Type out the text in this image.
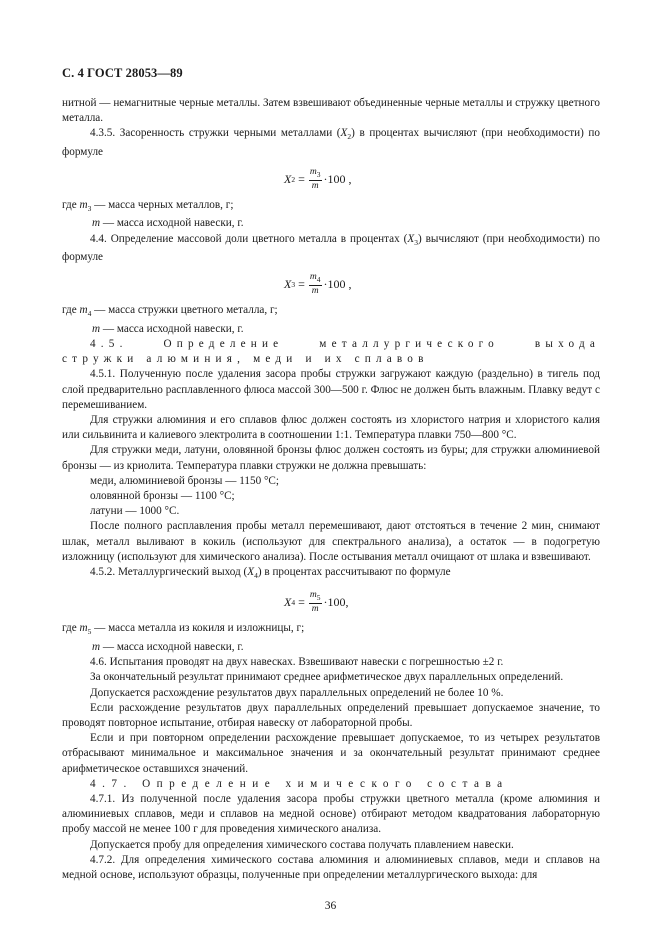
С. 4 ГОСТ 28053—89

нитной — немагнитные черные металлы. Затем взвешивают объединенные черные металлы и стружку цветного металла.

4.3.5. Засоренность стружки черными металлами $(X_2)$ в процентах вычисляют (при необходимости) по формуле

X $2 = \frac{m_3}{m} \cdot 100$ ,

где $m_3$ — масса черных металлов, г;

m — масса исходной навески, г.

4.4. Определение массовой доли цветного металла в процентах $(X_3)$ вычисляют (при необходимости) по формуле

X $3 = \frac{m_4}{m} \cdot 100$ ,

где $m_4$ — масса стружки цветного металла, г;

m — масса исходной навески, г.

4.5. Определение металлургического выхода стружки алюминия, меди и их сплавов

4.5.1. Полученную после удаления засора пробы стружки загружают каждую (раздельно) в тигель под слой предварительно расплавленного флюса массой 300—500 г. Флюс не должен быть влажным. Плавку ведут с перемешиванием.

Для стружки алюминия и его сплавов флюс должен состоять из хлористого натрия и хлористого калия или сильвинита и калиевого электролита в соотношении 1:1. Температура плавки 750—800 °С.

Для стружки меди, латуни, оловянной бронзы флюс должен состоять из буры; для стружки алюминиевой бронзы — из криолита. Температура плавки стружки не должна превышать:

меди, алюминиевой бронзы — 1150 °С;

оловянной бронзы — 1100 °С;

латуни — 1000 °С.

После полного расплавления пробы металл перемешивают, дают отстояться в течение 2 мин, снимают шлак, металл выливают в кокиль (используют для спектрального анализа), а остаток — в подогретую изложницу (используют для химического анализа). После остывания металл очищают от шлака и взвешивают.

4.5.2. Металлургический выход $(X_4)$ в процентах рассчитывают по формуле

X $4 = \frac{m_5}{m} \cdot 100$,

где $m_5$ — масса металла из кокиля и изложницы, г;

m — масса исходной навески, г.

4.6. Испытания проводят на двух навесках. Взвешивают навески с погрешностью ±2 г.

За окончательный результат принимают среднее арифметическое двух параллельных определений.

Допускается расхождение результатов двух параллельных определений не более 10 %.

Если расхождение результатов двух параллельных определений превышает допускаемое значение, то проводят повторное испытание, отбирая навеску от лабораторной пробы.

Если и при повторном определении расхождение превышает допускаемое, то из четырех результатов отбрасывают минимальное и максимальное значения и за окончательный результат принимают среднее арифметическое оставшихся значений.

4.7. Определение химического состава

4.7.1. Из полученной после удаления засора пробы стружки цветного металла (кроме алюминия и алюминиевых сплавов, меди и сплавов на медной основе) отбирают методом квадратования лабораторную пробу массой не менее 100 г для проведения химического анализа.

Допускается пробу для определения химического состава получать плавлением навески.

4.7.2. Для определения химического состава алюминия и алюминиевых сплавов, меди и сплавов на медной основе, используют образцы, полученные при определении металлургического выхода: для

36
